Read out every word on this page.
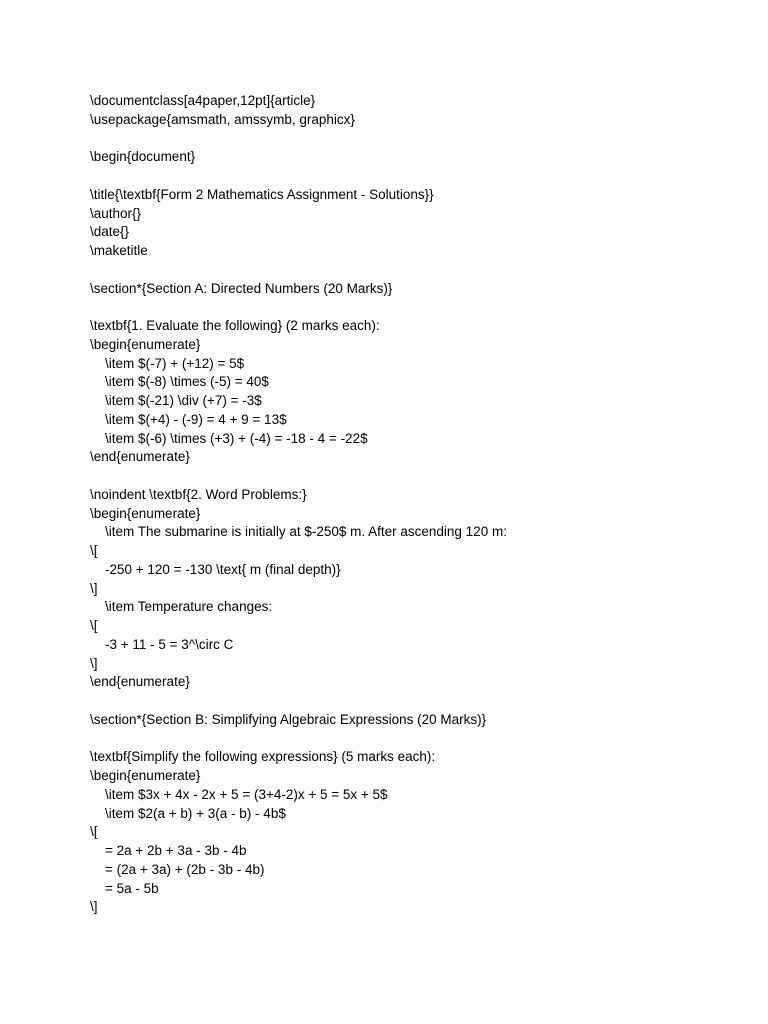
\documentclass[a4paper,12pt]{article}
\usepackage{amsmath, amssymb, graphicx}
\begin{document}
\title{\textbf{Form 2 Mathematics Assignment - Solutions}}
\author{}
\date{}
\maketitle
\section*{Section A: Directed Numbers (20 Marks)}
\textbf{1. Evaluate the following} (2 marks each):
\begin{enumerate}
\item $(-7) + (+12) = 5$
\item $(-8) \times (-5) = 40$
\item $(-21) \div (+7) = -3$
\item $(+4) - (-9) = 4 + 9 = 13$
\item $(-6) \times (+3) + (-4) = -18 - 4 = -22$
\end{enumerate}
\noindent \textbf{2. Word Problems:}
\begin{enumerate}
\item The submarine is initially at $-250$ m. After ascending 120 m:
\[
-250 + 120 = -130 \text{ m (final depth)}
\]
\item Temperature changes:
\[
-3 + 11 - 5 = 3^\circ C
\]
\end{enumerate}
\section*{Section B: Simplifying Algebraic Expressions (20 Marks)}
\textbf{Simplify the following expressions} (5 marks each):
\begin{enumerate}
\item $3x + 4x - 2x + 5 = (3+4-2)x + 5 = 5x + 5$
\item $2(a + b) + 3(a - b) - 4b$
\[
= 2a + 2b + 3a - 3b - 4b
= (2a + 3a) + (2b - 3b - 4b)
= 5a - 5b
\]
